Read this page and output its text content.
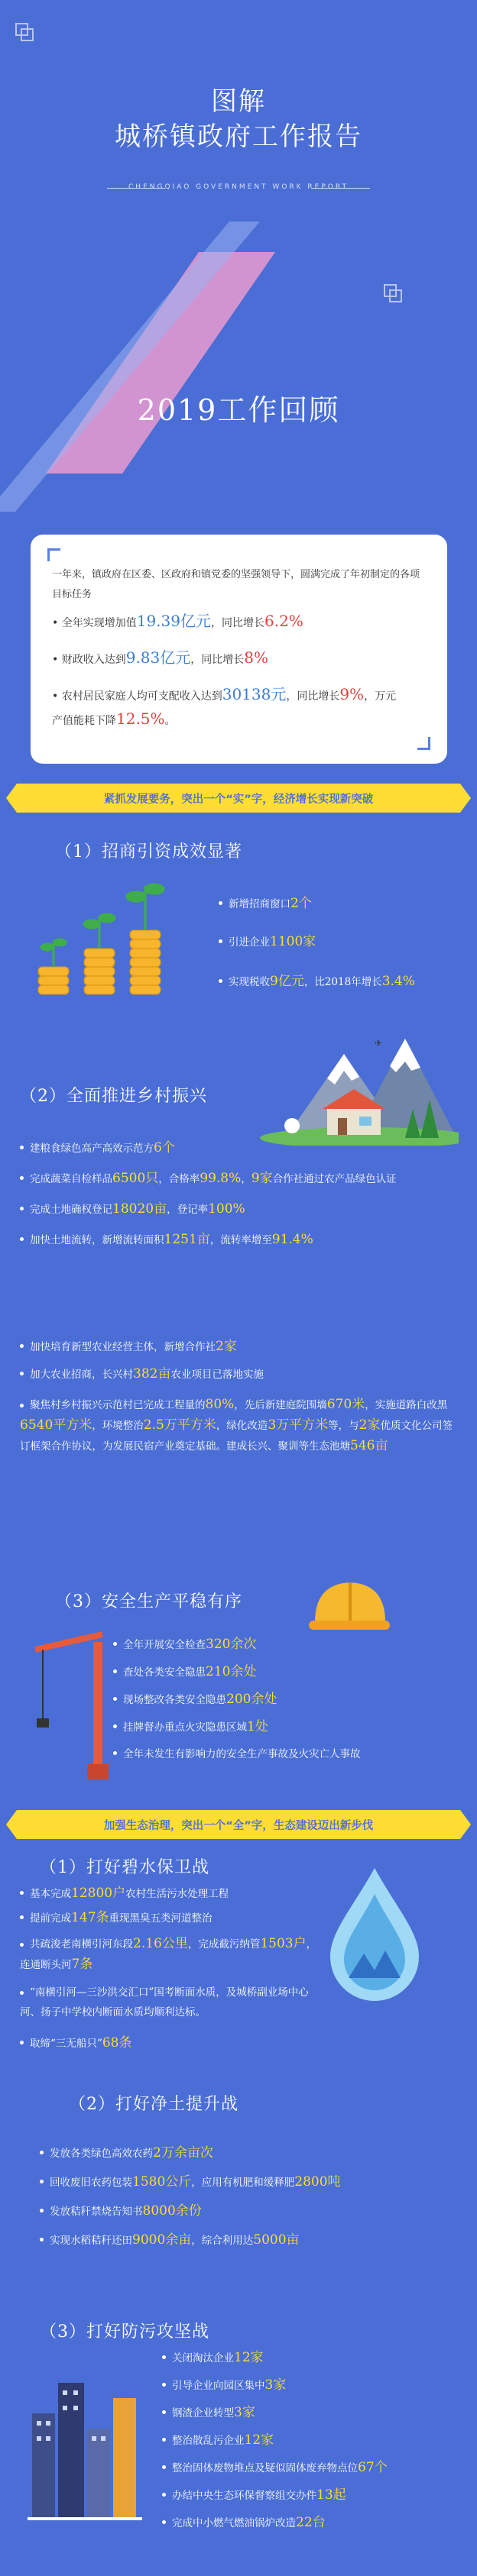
图解
城桥镇政府工作报告
CHENGQIAO GOVERNMENT WORK REPORT
2019工作回顾
一年来，镇政府在区委、区政府和镇党委的坚强领导下，圆满完成了年初制定的各项目标任务
• 全年实现增加值19.39亿元，同比增长6.2%
• 财政收入达到9.83亿元，同比增长8%
• 农村居民家庭人均可支配收入达到30138元，同比增长9%，万元
产值能耗下降12.5%。
紧抓发展要务，突出一个“实”字，经济增长实现新突破
（1）招商引资成效显著
新增招商窗口2个
引进企业1100家
实现税收9亿元，比2018年增长3.4%
✈
（2）全面推进乡村振兴
建粮食绿色高产高效示范方6个
完成蔬菜自检样品6500只，合格率99.8%，9家合作社通过农产品绿色认证
完成土地确权登记18020亩，登记率100%
加快土地流转，新增流转面积1251亩，流转率增至91.4%
加快培育新型农业经营主体，新增合作社2家
加大农业招商，长兴村382亩农业项目已落地实施
聚焦村乡村振兴示范村已完成工程量的80%，先后新建庭院围墙670米，实施道路白改黑6540平方米，环境整治2.5万平方米，绿化改造3万平方米等，与2家优质文化公司签订框架合作协议，为发展民宿产业奠定基础。建成长兴、聚训等生态池塘546亩
（3）安全生产平稳有序
全年开展安全检查320余次
查处各类安全隐患210余处
现场整改各类安全隐患200余处
挂牌督办重点火灾隐患区域1处
全年未发生有影响力的安全生产事故及火灾亡人事故
加强生态治理，突出一个“全”字，生态建设迈出新步伐
（1）打好碧水保卫战
基本完成12800户农村生活污水处理工程
提前完成147条重现黑臭五类河道整治
共疏浚老南横引河东段2.16公里，完成截污纳管1503户，连通断头河7条
“南横引河—三沙洪交汇口”国考断面水质，及城桥副业场中心河、扬子中学校内断面水质均顺利达标。
取缔“三无船只”68条
（2）打好净土提升战
发放各类绿色高效农药2万余亩次
回收废旧农药包装1580公斤，应用有机肥和缓释肥2800吨
发放秸秆禁烧告知书8000余份
实现水稻秸秆还田9000余亩，综合利用达5000亩
（3）打好防污攻坚战
关闭淘汰企业12家
引导企业向园区集中3家
钢渣企业转型3家
整治散乱污企业12家
整治固体废物堆点及疑似固体废弃物点位67个
办结中央生态环保督察组交办件13起
完成中小燃气燃油锅炉改造22台
